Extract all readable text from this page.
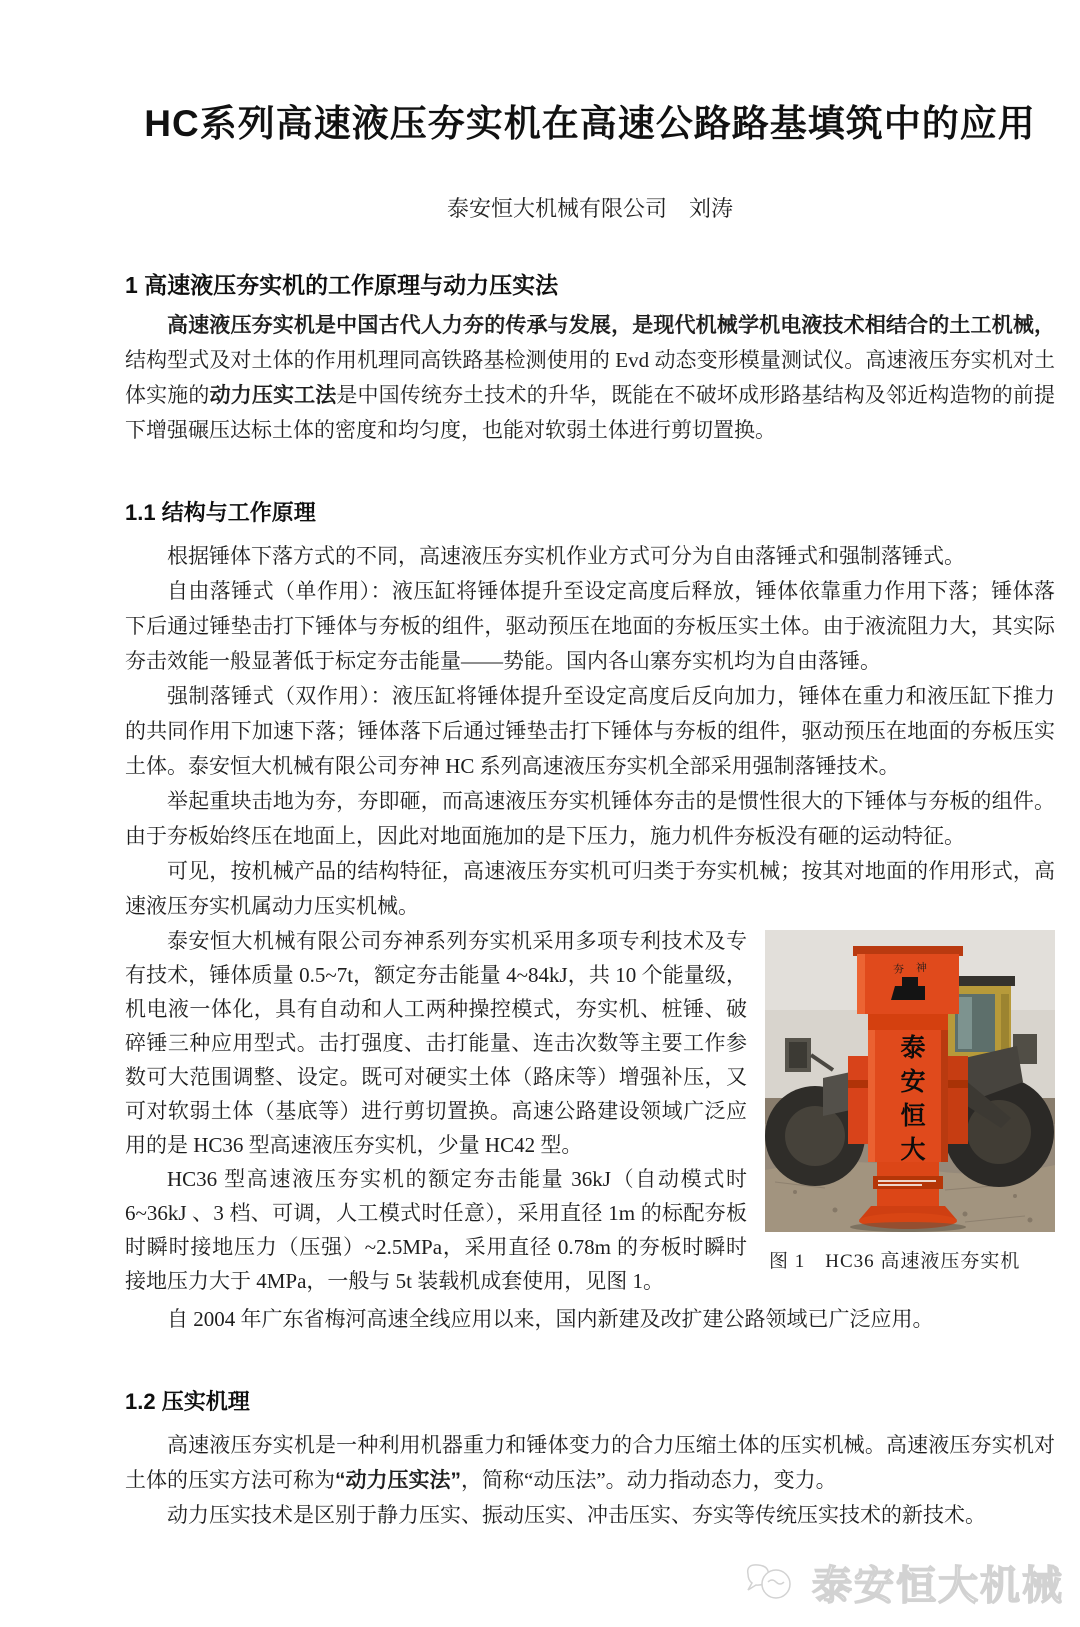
HC系列高速液压夯实机在高速公路路基填筑中的应用
泰安恒大机械有限公司　刘涛
1 高速液压夯实机的工作原理与动力压实法

高速液压夯实机是中国古代人力夯的传承与发展，是现代机械学机电液技术相结合的土工机械，结构型式及对土体的作用机理同高铁路基检测使用的 Evd 动态变形模量测试仪。高速液压夯实机对土体实施的动力压实工法是中国传统夯土技术的升华，既能在不破坏成形路基结构及邻近构造物的前提下增强碾压达标土体的密度和均匀度，也能对软弱土体进行剪切置换。

1.1 结构与工作原理

根据锤体下落方式的不同，高速液压夯实机作业方式可分为自由落锤式和强制落锤式。

自由落锤式（单作用）：液压缸将锤体提升至设定高度后释放，锤体依靠重力作用下落；锤体落下后通过锤垫击打下锤体与夯板的组件，驱动预压在地面的夯板压实土体。由于液流阻力大，其实际夯击效能一般显著低于标定夯击能量——势能。国内各山寨夯实机均为自由落锤。

强制落锤式（双作用）：液压缸将锤体提升至设定高度后反向加力，锤体在重力和液压缸下推力的共同作用下加速下落；锤体落下后通过锤垫击打下锤体与夯板的组件，驱动预压在地面的夯板压实土体。泰安恒大机械有限公司夯神 HC 系列高速液压夯实机全部采用强制落锤技术。

举起重块击地为夯，夯即砸，而高速液压夯实机锤体夯击的是惯性很大的下锤体与夯板的组件。由于夯板始终压在地面上，因此对地面施加的是下压力，施力机件夯板没有砸的运动特征。

可见，按机械产品的结构特征，高速液压夯实机可归类于夯实机械；按其对地面的作用形式，高速液压夯实机属动力压实机械。

夯神
泰安恒大
图 1　HC36 高速液压夯实机

泰安恒大机械有限公司夯神系列夯实机采用多项专利技术及专有技术，锤体质量 0.5~7t，额定夯击能量 4~84kJ，共 10 个能量级，机电液一体化，具有自动和人工两种操控模式，夯实机、桩锤、破碎锤三种应用型式。击打强度、击打能量、连击次数等主要工作参数可大范围调整、设定。既可对硬实土体（路床等）增强补压，又可对软弱土体（基底等）进行剪切置换。高速公路建设领域广泛应用的是 HC36 型高速液压夯实机，少量 HC42 型。

HC36 型高速液压夯实机的额定夯击能量 36kJ（自动模式时 6~36kJ 、3 档、可调，人工模式时任意），采用直径 1m 的标配夯板时瞬时接地压力（压强）~2.5MPa，采用直径 0.78m 的夯板时瞬时接地压力大于 4MPa，一般与 5t 装载机成套使用，见图 1。

自 2004 年广东省梅河高速全线应用以来，国内新建及改扩建公路领域已广泛应用。

1.2 压实机理

高速液压夯实机是一种利用机器重力和锤体变力的合力压缩土体的压实机械。高速液压夯实机对土体的压实方法可称为“动力压实法”，简称“动压法”。动力指动态力，变力。

动力压实技术是区别于静力压实、振动压实、冲击压实、夯实等传统压实技术的新技术。

泰安恒大机械
